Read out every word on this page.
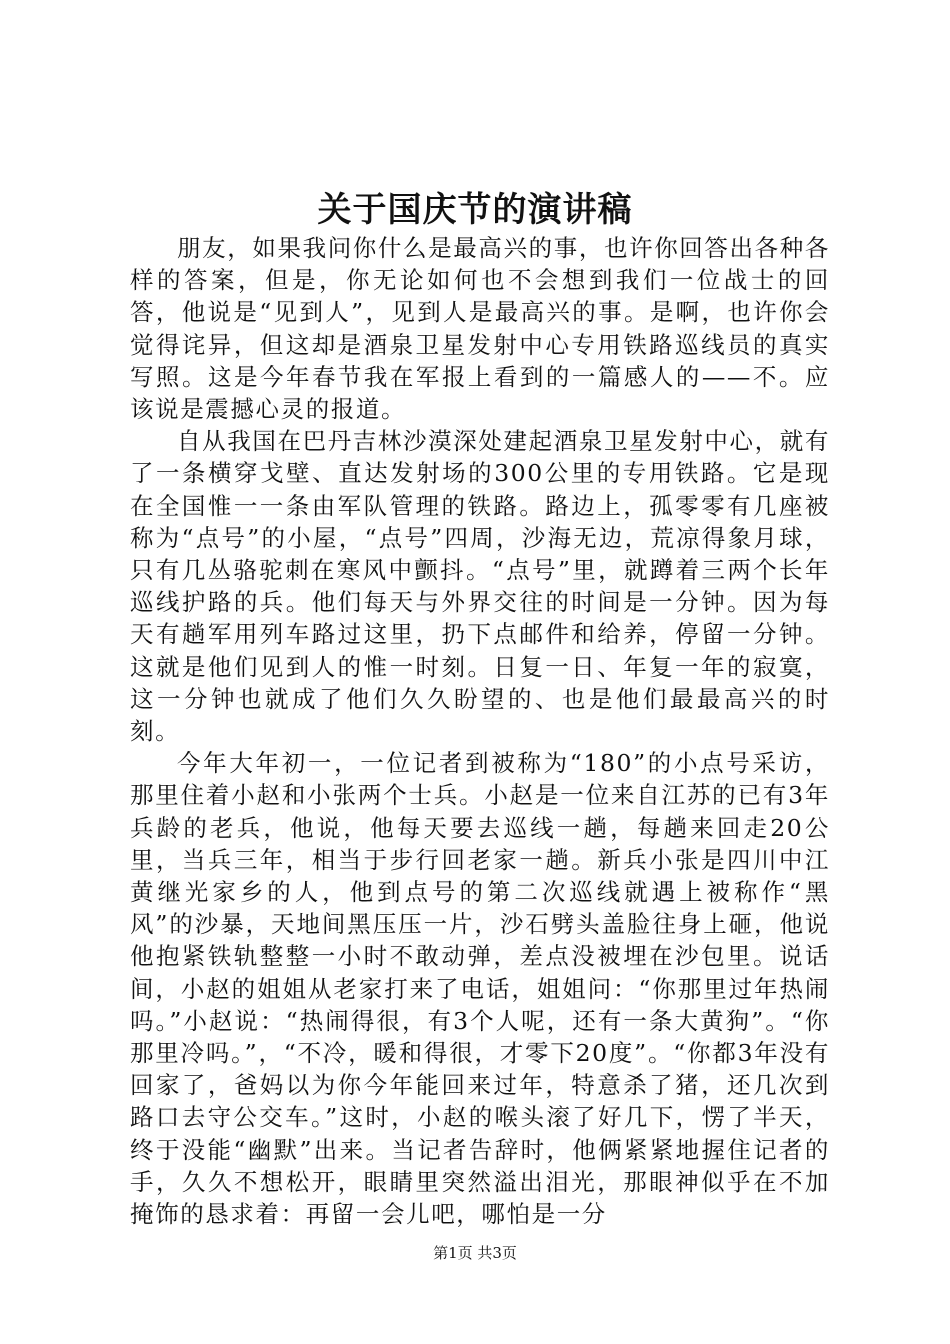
关于国庆节的演讲稿

朋友，如果我问你什么是最高兴的事，也许你回答出各种各样的答案，但是，你无论如何也不会想到我们一位战士的回答，他说是“见到人”，见到人是最高兴的事。是啊，也许你会觉得诧异，但这却是酒泉卫星发射中心专用铁路巡线员的真实写照。这是今年春节我在军报上看到的一篇感人的——不。应该说是震撼心灵的报道。

自从我国在巴丹吉林沙漠深处建起酒泉卫星发射中心，就有了一条横穿戈壁、直达发射场的300公里的专用铁路。它是现在全国惟一一条由军队管理的铁路。路边上，孤零零有几座被称为“点号”的小屋，“点号”四周，沙海无边，荒凉得象月球，只有几丛骆驼刺在寒风中颤抖。“点号”里，就蹲着三两个长年巡线护路的兵。他们每天与外界交往的时间是一分钟。因为每天有趟军用列车路过这里，扔下点邮件和给养，停留一分钟。这就是他们见到人的惟一时刻。日复一日、年复一年的寂寞，这一分钟也就成了他们久久盼望的、也是他们最最高兴的时刻。

今年大年初一，一位记者到被称为“180”的小点号采访，那里住着小赵和小张两个士兵。小赵是一位来自江苏的已有3年兵龄的老兵，他说，他每天要去巡线一趟，每趟来回走20公里，当兵三年，相当于步行回老家一趟。新兵小张是四川中江黄继光家乡的人，他到点号的第二次巡线就遇上被称作“黑风”的沙暴，天地间黑压压一片，沙石劈头盖脸往身上砸，他说他抱紧铁轨整整一小时不敢动弹，差点没被埋在沙包里。说话间，小赵的姐姐从老家打来了电话，姐姐问：“你那里过年热闹吗。”小赵说：“热闹得很，有3个人呢，还有一条大黄狗”。“你那里冷吗。”，“不冷，暖和得很，才零下20度”。“你都3年没有回家了，爸妈以为你今年能回来过年，特意杀了猪，还几次到路口去守公交车。”这时，小赵的喉头滚了好几下，愣了半天，终于没能“幽默”出来。当记者告辞时，他俩紧紧地握住记者的手，久久不想松开，眼睛里突然溢出泪光，那眼神似乎在不加掩饰的恳求着：再留一会儿吧，哪怕是一分

第1页 共3页
